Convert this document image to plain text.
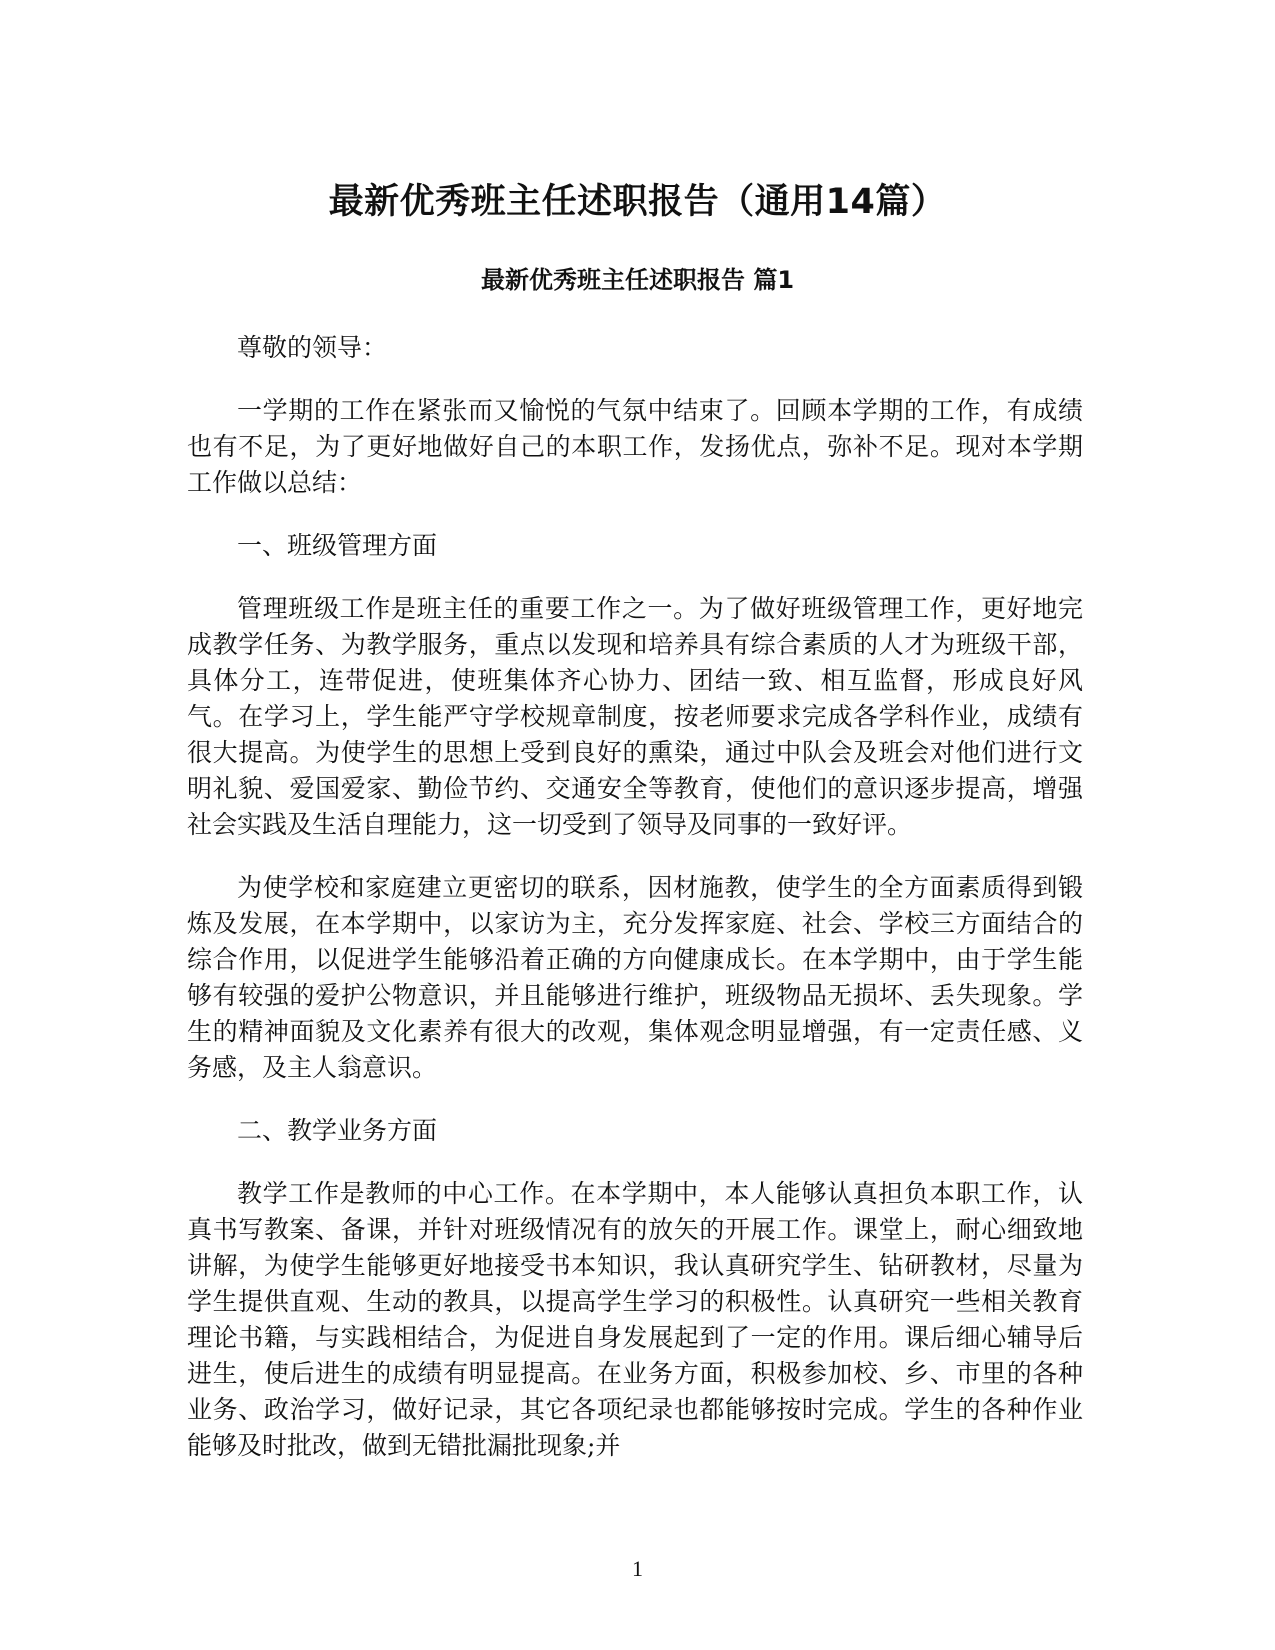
最新优秀班主任述职报告（通用14篇）
最新优秀班主任述职报告 篇1

尊敬的领导：

一学期的工作在紧张而又愉悦的气氛中结束了。回顾本学期的工作，有成绩也有不足，为了更好地做好自己的本职工作，发扬优点，弥补不足。现对本学期工作做以总结：

一、班级管理方面

管理班级工作是班主任的重要工作之一。为了做好班级管理工作，更好地完成教学任务、为教学服务，重点以发现和培养具有综合素质的人才为班级干部，具体分工，连带促进，使班集体齐心协力、团结一致、相互监督，形成良好风气。在学习上，学生能严守学校规章制度，按老师要求完成各学科作业，成绩有很大提高。为使学生的思想上受到良好的熏染，通过中队会及班会对他们进行文明礼貌、爱国爱家、勤俭节约、交通安全等教育，使他们的意识逐步提高，增强社会实践及生活自理能力，这一切受到了领导及同事的一致好评。

为使学校和家庭建立更密切的联系，因材施教，使学生的全方面素质得到锻炼及发展，在本学期中，以家访为主，充分发挥家庭、社会、学校三方面结合的综合作用，以促进学生能够沿着正确的方向健康成长。在本学期中，由于学生能够有较强的爱护公物意识，并且能够进行维护，班级物品无损坏、丢失现象。学生的精神面貌及文化素养有很大的改观，集体观念明显增强，有一定责任感、义务感，及主人翁意识。

二、教学业务方面

教学工作是教师的中心工作。在本学期中，本人能够认真担负本职工作，认真书写教案、备课，并针对班级情况有的放矢的开展工作。课堂上，耐心细致地讲解，为使学生能够更好地接受书本知识，我认真研究学生、钻研教材，尽量为学生提供直观、生动的教具，以提高学生学习的积极性。认真研究一些相关教育理论书籍，与实践相结合，为促进自身发展起到了一定的作用。课后细心辅导后进生，使后进生的成绩有明显提高。在业务方面，积极参加校、乡、市里的各种业务、政治学习，做好记录，其它各项纪录也都能够按时完成。学生的各种作业能够及时批改，做到无错批漏批现象;并

1
